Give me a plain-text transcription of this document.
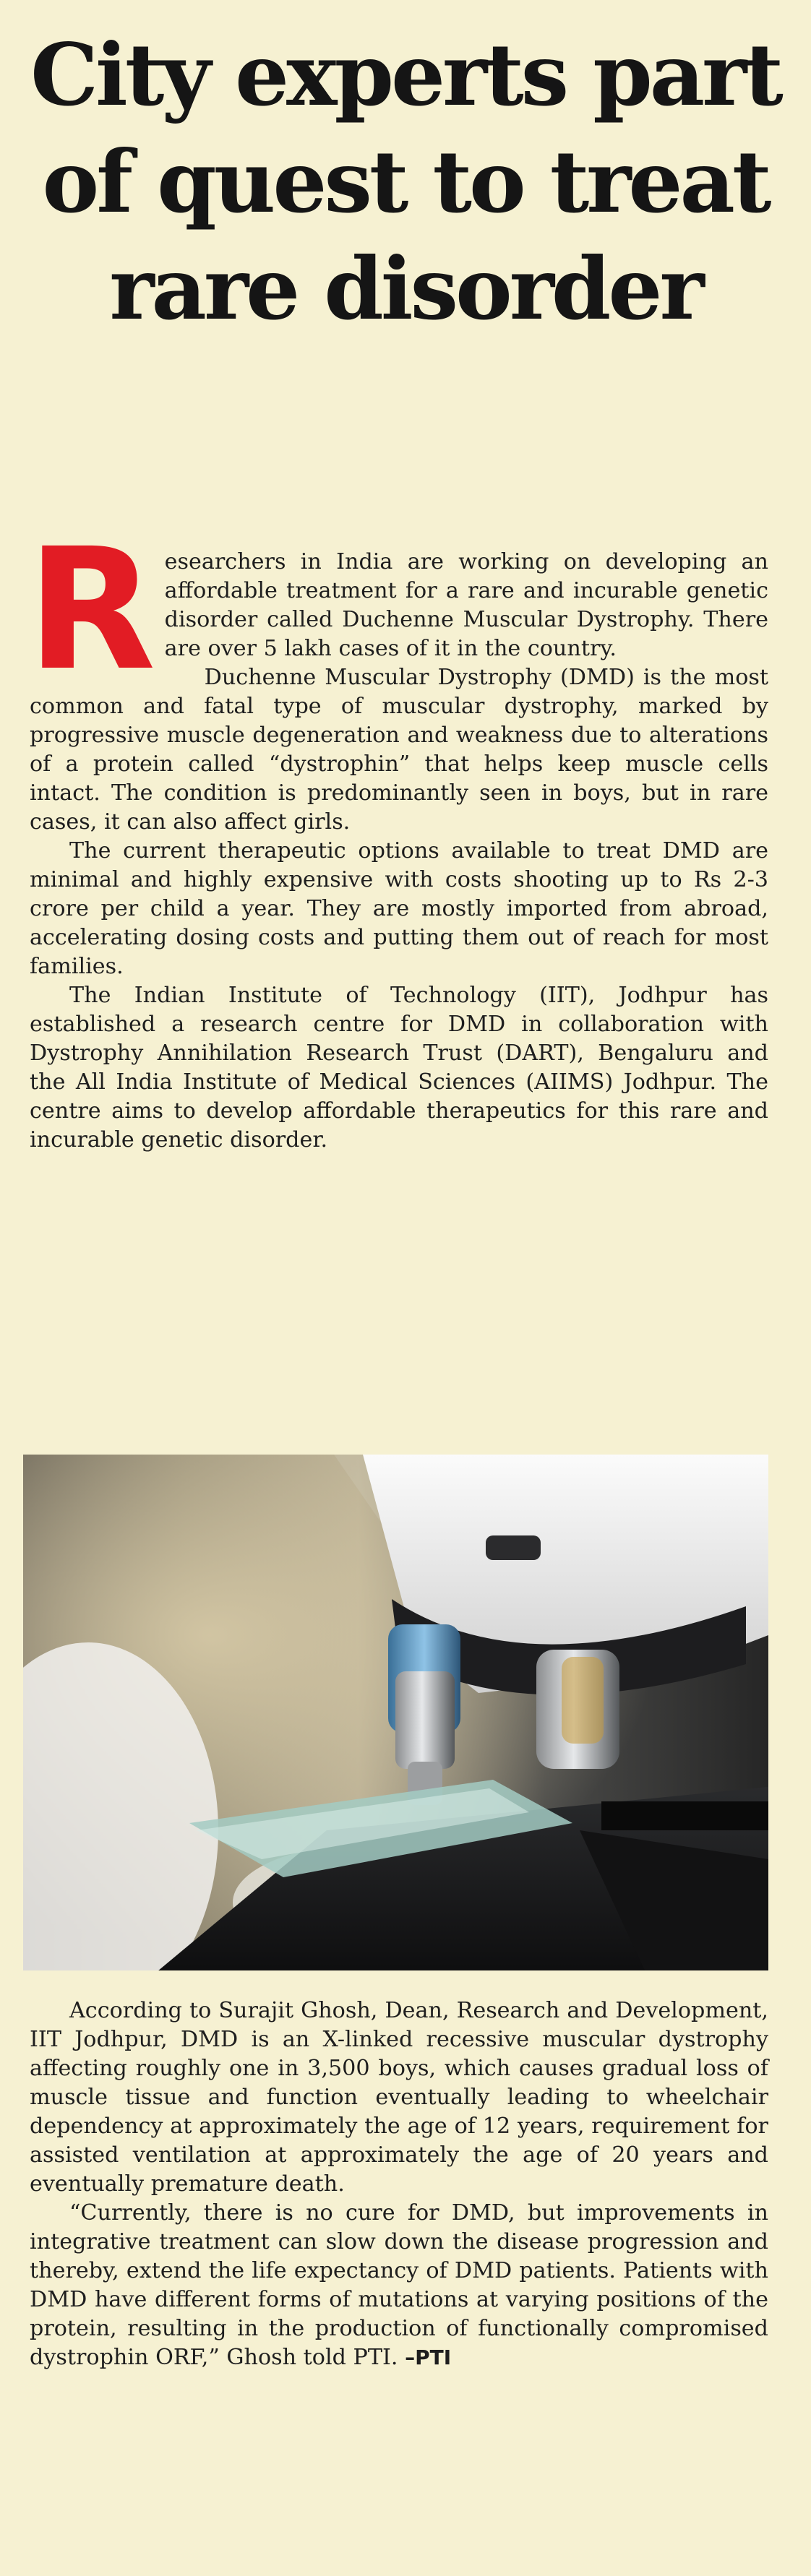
City experts part of quest to treat rare disorder

Researchers in India are working on developing an affordable treatment for a rare and incurable genetic disorder called Duchenne Muscular Dystrophy. There are over 5 lakh cases of it in the country.

Duchenne Muscular Dystrophy (DMD) is the most common and fatal type of muscular dystrophy, marked by progressive muscle degeneration and weakness due to alterations of a protein called “dystrophin” that helps keep muscle cells intact. The condition is predominantly seen in boys, but in rare cases, it can also affect girls.

The current therapeutic options available to treat DMD are minimal and highly expensive with costs shooting up to Rs 2-3 crore per child a year. They are mostly imported from abroad, accelerating dosing costs and putting them out of reach for most families.

The Indian Institute of Technology (IIT), Jodhpur has established a research centre for DMD in collaboration with Dystrophy Annihilation Research Trust (DART), Bengaluru and the All India Institute of Medical Sciences (AIIMS) Jodhpur. The centre aims to develop affordable therapeutics for this rare and incurable genetic disorder.

According to Surajit Ghosh, Dean, Research and Development, IIT Jodhpur, DMD is an X-linked recessive muscular dystrophy affecting roughly one in 3,500 boys, which causes gradual loss of muscle tissue and function eventually leading to wheelchair dependency at approximately the age of 12 years, requirement for assisted ventilation at approximately the age of 20 years and eventually premature death.

“Currently, there is no cure for DMD, but improvements in integrative treatment can slow down the disease progression and thereby, extend the life expectancy of DMD patients. Patients with DMD have different forms of mutations at varying positions of the protein, resulting in the production of functionally compromised dystrophin ORF,” Ghosh told PTI. –PTI
